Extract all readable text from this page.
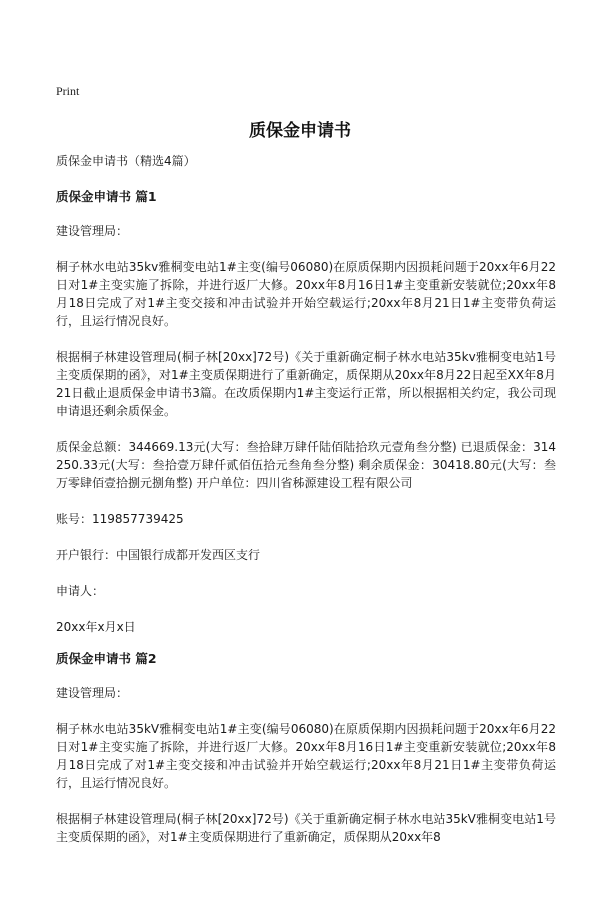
Print
质保金申请书

质保金申请书（精选4篇）

质保金申请书 篇1

建设管理局：

桐子林水电站35kv雅桐变电站1#主变(编号06080)在原质保期内因损耗问题于20xx年6月22日对1#主变实施了拆除，并进行返厂大修。20xx年8月16日1#主变重新安装就位;20xx年8月18日完成了对1#主变交接和冲击试验并开始空载运行;20xx年8月21日1#主变带负荷运行，且运行情况良好。

根据桐子林建设管理局(桐子林[20xx]72号)《关于重新确定桐子林水电站35kv雅桐变电站1号主变质保期的函》，对1#主变质保期进行了重新确定，质保期从20xx年8月22日起至XX年8月21日截止退质保金申请书3篇。在改质保期内1#主变运行正常，所以根据相关约定，我公司现申请退还剩余质保金。

质保金总额：344669.13元(大写：叁拾肆万肆仟陆佰陆拾玖元壹角叁分整) 已退质保金：314250.33元(大写：叁拾壹万肆仟贰佰伍拾元叁角叁分整) 剩余质保金：30418.80元(大写：叁万零肆佰壹拾捌元捌角整) 开户单位：四川省秭源建设工程有限公司

账号：119857739425

开户银行：中国银行成都开发西区支行

申请人：

20xx年x月x日

质保金申请书 篇2

建设管理局：

桐子林水电站35kV雅桐变电站1#主变(编号06080)在原质保期内因损耗问题于20xx年6月22日对1#主变实施了拆除，并进行返厂大修。20xx年8月16日1#主变重新安装就位;20xx年8月18日完成了对1#主变交接和冲击试验并开始空载运行;20xx年8月21日1#主变带负荷运行，且运行情况良好。

根据桐子林建设管理局(桐子林[20xx]72号)《关于重新确定桐子林水电站35kV雅桐变电站1号主变质保期的函》，对1#主变质保期进行了重新确定，质保期从20xx年8
